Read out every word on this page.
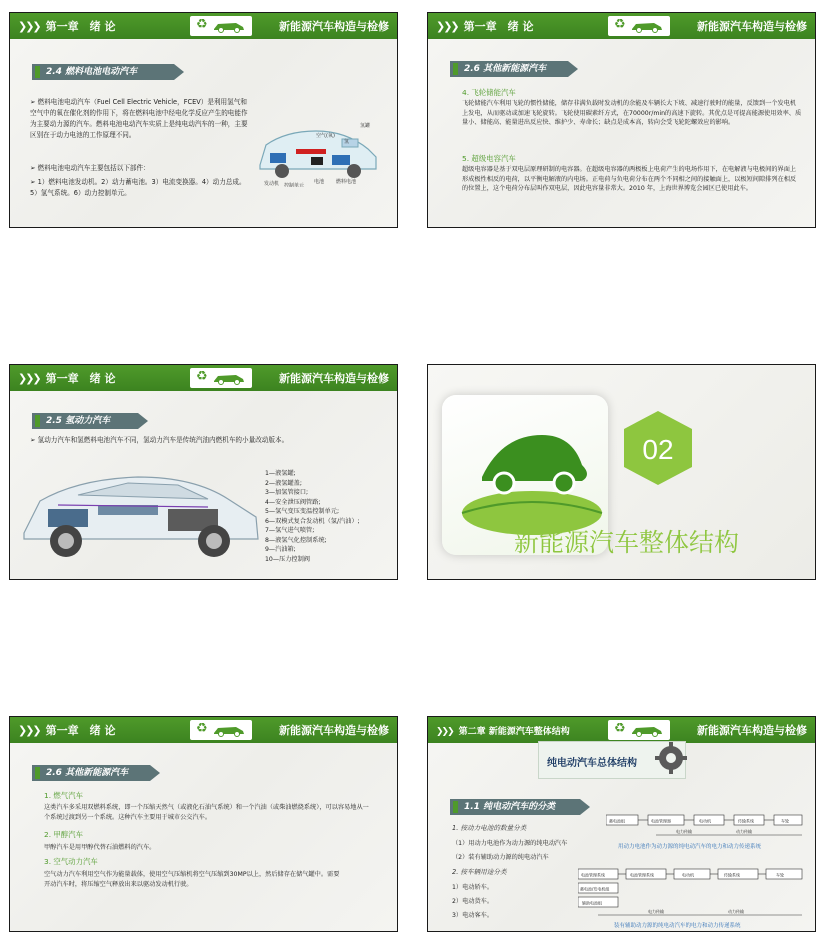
❯❯❯ 第一章　绪 论	♻	新能源汽车构造与检修
2.4 燃料电池电动汽车
➢ 燃料电池电动汽车（Fuel Cell Electric Vehicle，FCEV）是利用氢气和空气中的氧在催化剂的作用下，将在燃料电池中经电化学反应产生的电能作为主要动力源的汽车。燃料电池电动汽车实质上是纯电动汽车的一种，主要区别在于动力电池的工作原理不同。
➢ 燃料电池电动汽车主要包括以下部件：
➢ 1）燃料电池发动机。2）动力蓄电池。3）电流变换器。4）动力总成。5）氢气系统。6）动力控制单元。
空气(氧)
氢
氢罐
发动机 控制单元
电池 燃料电池
❯❯❯ 第一章　绪 论	♻	新能源汽车构造与检修
2.6 其他新能源汽车
4. 飞轮储能汽车
飞轮储能汽车利用飞轮的惯性储能，储存非满负载时发动机的余能及车辆长大下坡、减速行驶时的能量，反馈到一个发电机上发电，从而驱动或加速飞轮旋转。飞轮使用碳素纤方式，在70000r/min的高速下旋转。其优点是可提高能源使用效率、质量小、储能高、能量进出反应快、维护少、寿命长；缺点是成本高，转向会受飞轮陀螺效应的影响。
5. 超级电容汽车
超级电容器是基于双电层原理研制的电容器。在超级电容器的两极板上电荷产生的电场作用下，在电解液与电极间的界面上形成极性相反的电荷，以平衡电解液的内电场。正电荷与负电荷分布在两个不同相之间的接触面上，以极短间隙排列在相反的位置上，这个电荷分布层叫作双电层，因此电容量非常大。2010 年，上海世界博览会园区已使用此车。
❯❯❯ 第一章　绪 论	♻	新能源汽车构造与检修
2.5 氢动力汽车
➢ 氢动力汽车和氢燃料电池汽车不同，氢动力汽车是传统汽油内燃机车的小量改动版本。
1—液氢罐;
2—液氢罐盖;
3—加氢管接口;
4—安全泄压阀管路;
5—氢气变压变温控制单元;
6—双模式复合发动机（氢/汽油）;
7—氢气进气喷管;
8—液氢气化控制系统;
9—汽油箱;
10—压力控制阀
02
新能源汽车整体结构
❯❯❯ 第一章　绪 论	♻	新能源汽车构造与检修
2.6 其他新能源汽车
1. 燃气汽车
这类汽车多采用双燃料系统，即一个压缩天然气（或液化石油气系统）和一个汽油（或柴油燃烧系统），可以容易地从一个系统过渡到另一个系统。这种汽车主要用于城市公交汽车。
2. 甲醇汽车
甲醇汽车是用甲醇代替石油燃料的汽车。
3. 空气动力汽车
空气动力汽车利用空气作为能量载体，使用空气压缩机将空气压缩到30MP以上，然后储存在储气罐中。需要开动汽车时，将压缩空气释放出来以驱动发动机行驶。
❯❯❯ 第二章 新能源汽车整体结构	♻	新能源汽车构造与检修
纯电动汽车总体结构
1.1 纯电动汽车的分类
1. 按动力电池的数量分类
（1）用动力电池作为动力源的纯电动汽车
（2）装有辅助动力源的纯电动汽车
2. 按车辆用途分类
1）电动轿车。
2）电动货车。
3）电动客车。
蓄电池组	电池管理器	电动机	传输系统	车轮
电力传输	动力传输
用动力电池作为动力源的纯电动汽车的电力和动力传递系统
电池管理系统	电池管理系统	电动机	传输系统	车轮
蓄电池/发电机组
辅助电池组
电力传输	动力传输
装有辅助动力源的纯电动汽车的电力和动力传递系统
